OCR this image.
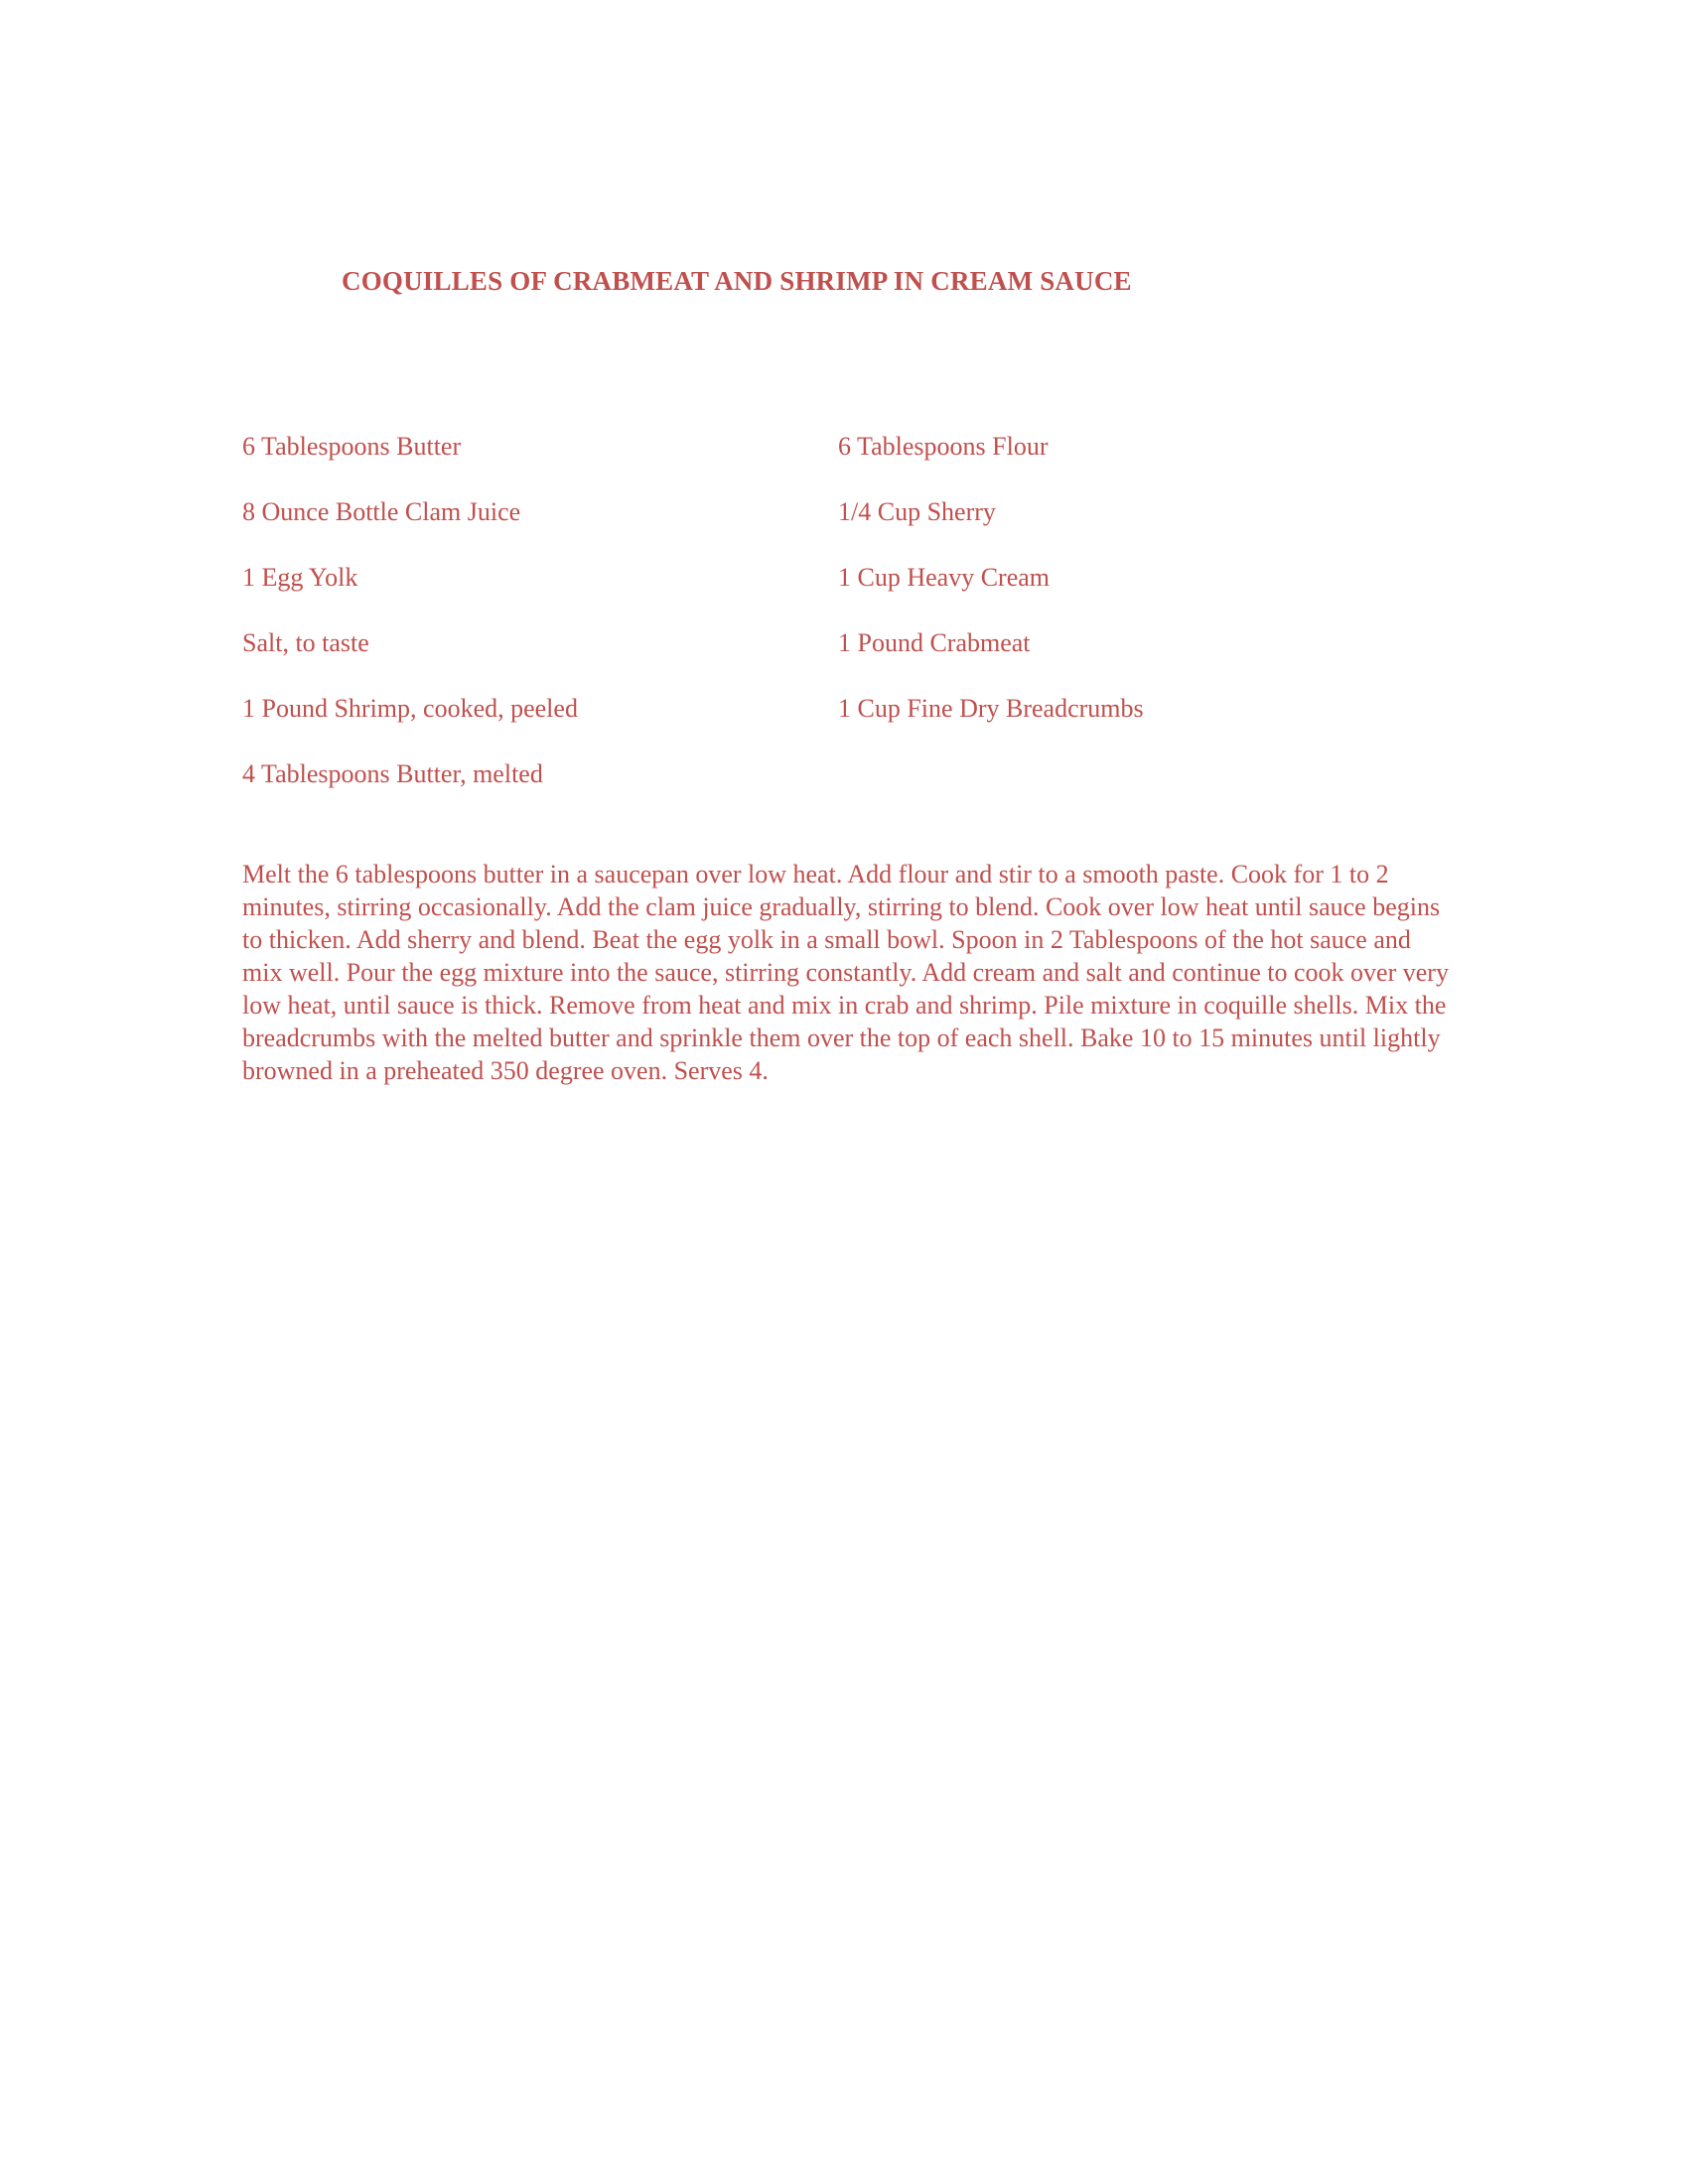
COQUILLES OF CRABMEAT AND SHRIMP IN CREAM SAUCE
6 Tablespoons Butter	6 Tablespoons Flour
8 Ounce Bottle Clam Juice	1/4 Cup Sherry
1 Egg Yolk	1 Cup Heavy Cream
Salt, to taste	1 Pound Crabmeat
1 Pound Shrimp, cooked, peeled	1 Cup Fine Dry Breadcrumbs
4 Tablespoons Butter, melted

Melt the 6 tablespoons butter in a saucepan over low heat. Add flour and stir to a smooth paste. Cook for 1 to 2 minutes, stirring occasionally. Add the clam juice gradually, stirring to blend. Cook over low heat until sauce begins to thicken. Add sherry and blend. Beat the egg yolk in a small bowl. Spoon in 2 Tablespoons of the hot sauce and mix well. Pour the egg mixture into the sauce, stirring constantly. Add cream and salt and continue to cook over very low heat, until sauce is thick. Remove from heat and mix in crab and shrimp. Pile mixture in coquille shells. Mix the breadcrumbs with the melted butter and sprinkle them over the top of each shell. Bake 10 to 15 minutes until lightly browned in a preheated 350 degree oven. Serves 4.
